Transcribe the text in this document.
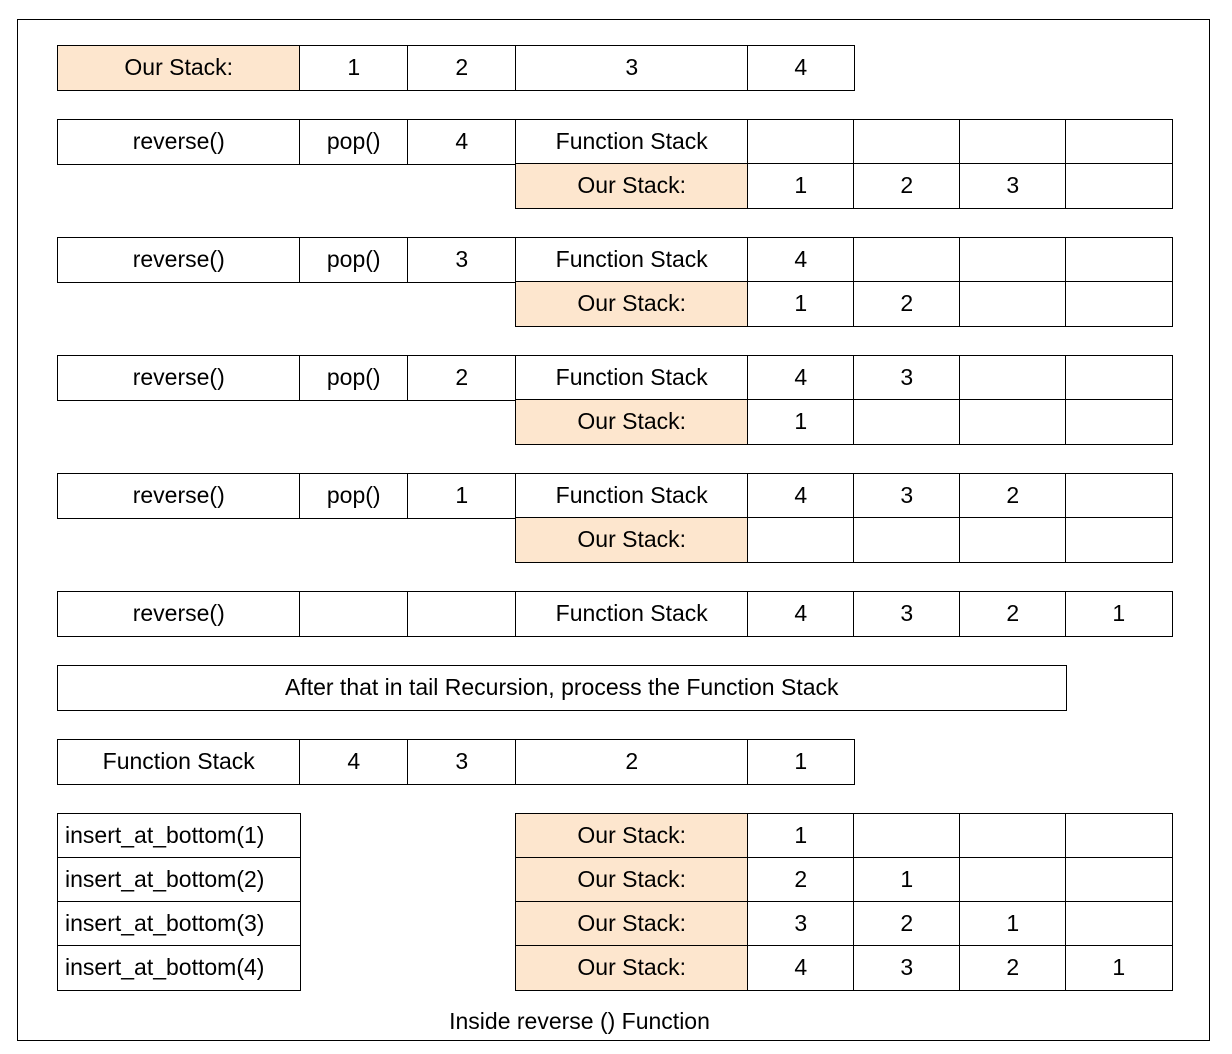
Our Stack:	1	2	3	4
reverse()	pop()	4	Function Stack
Our Stack:	1	2	3
reverse()	pop()	3	Function Stack	4
Our Stack:	1	2
reverse()	pop()	2	Function Stack	4	3
Our Stack:	1
reverse()	pop()	1	Function Stack	4	3	2
Our Stack:
reverse()	Function Stack	4	3	2	1
After that in tail Recursion, process the Function Stack
Function Stack	4	3	2	1
insert_at_bottom(1)	Our Stack:	1
insert_at_bottom(2)	Our Stack:	2	1
insert_at_bottom(3)	Our Stack:	3	2	1
insert_at_bottom(4)	Our Stack:	4	3	2	1
Inside reverse () Function
